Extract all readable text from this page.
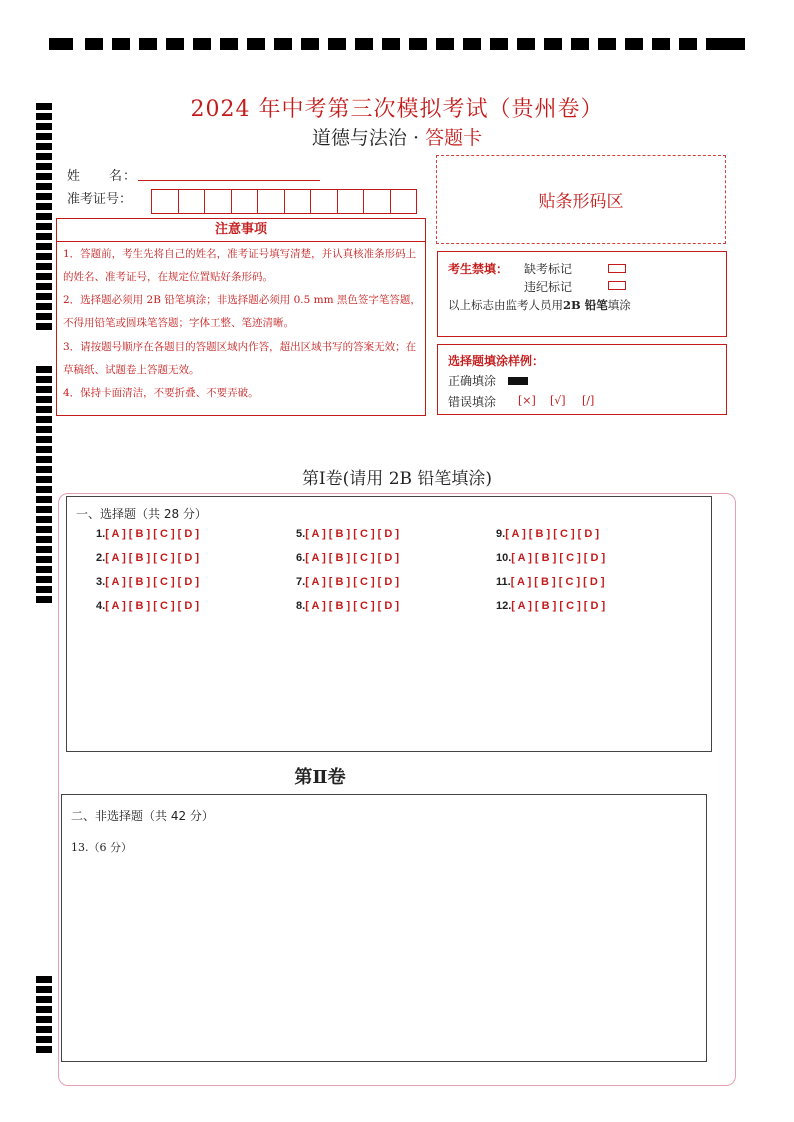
2024 年中考第三次模拟考试（贵州卷）
道德与法治 · 答题卡
姓　　名：
准考证号：	贴条形码区
注意事项
1．答题前，考生先将自己的姓名，准考证号填写清楚，并认真核准条形码上的姓名、准考证号，在规定位置贴好条形码。
2．选择题必须用 2B 铅笔填涂；非选择题必须用 0.5 mm 黑色签字笔答题，不得用铅笔或圆珠笔答题；字体工整、笔迹清晰。
3．请按题号顺序在各题目的答题区域内作答，超出区域书写的答案无效；在草稿纸、试题卷上答题无效。
4．保持卡面清洁，不要折叠、不要弄破。
考生禁填： 缺考标记
违纪标记
以上标志由监考人员用2B 铅笔填涂
选择题填涂样例：
正确填涂
错误填涂 [×] [√] [/]
第Ⅰ卷(请用 2B 铅笔填涂)
一、选择题（共 28 分）
1.[ A ] [ B ] [ C ] [ D ]
2.[ A ] [ B ] [ C ] [ D ]
3.[ A ] [ B ] [ C ] [ D ]
4.[ A ] [ B ] [ C ] [ D ]
5.[ A ] [ B ] [ C ] [ D ]
6.[ A ] [ B ] [ C ] [ D ]
7.[ A ] [ B ] [ C ] [ D ]
8.[ A ] [ B ] [ C ] [ D ]
9.[ A ] [ B ] [ C ] [ D ]
10.[ A ] [ B ] [ C ] [ D ]
11.[ A ] [ B ] [ C ] [ D ]
12.[ A ] [ B ] [ C ] [ D ]
第Ⅱ卷
二、非选择题（共 42 分）
13.（6 分）
